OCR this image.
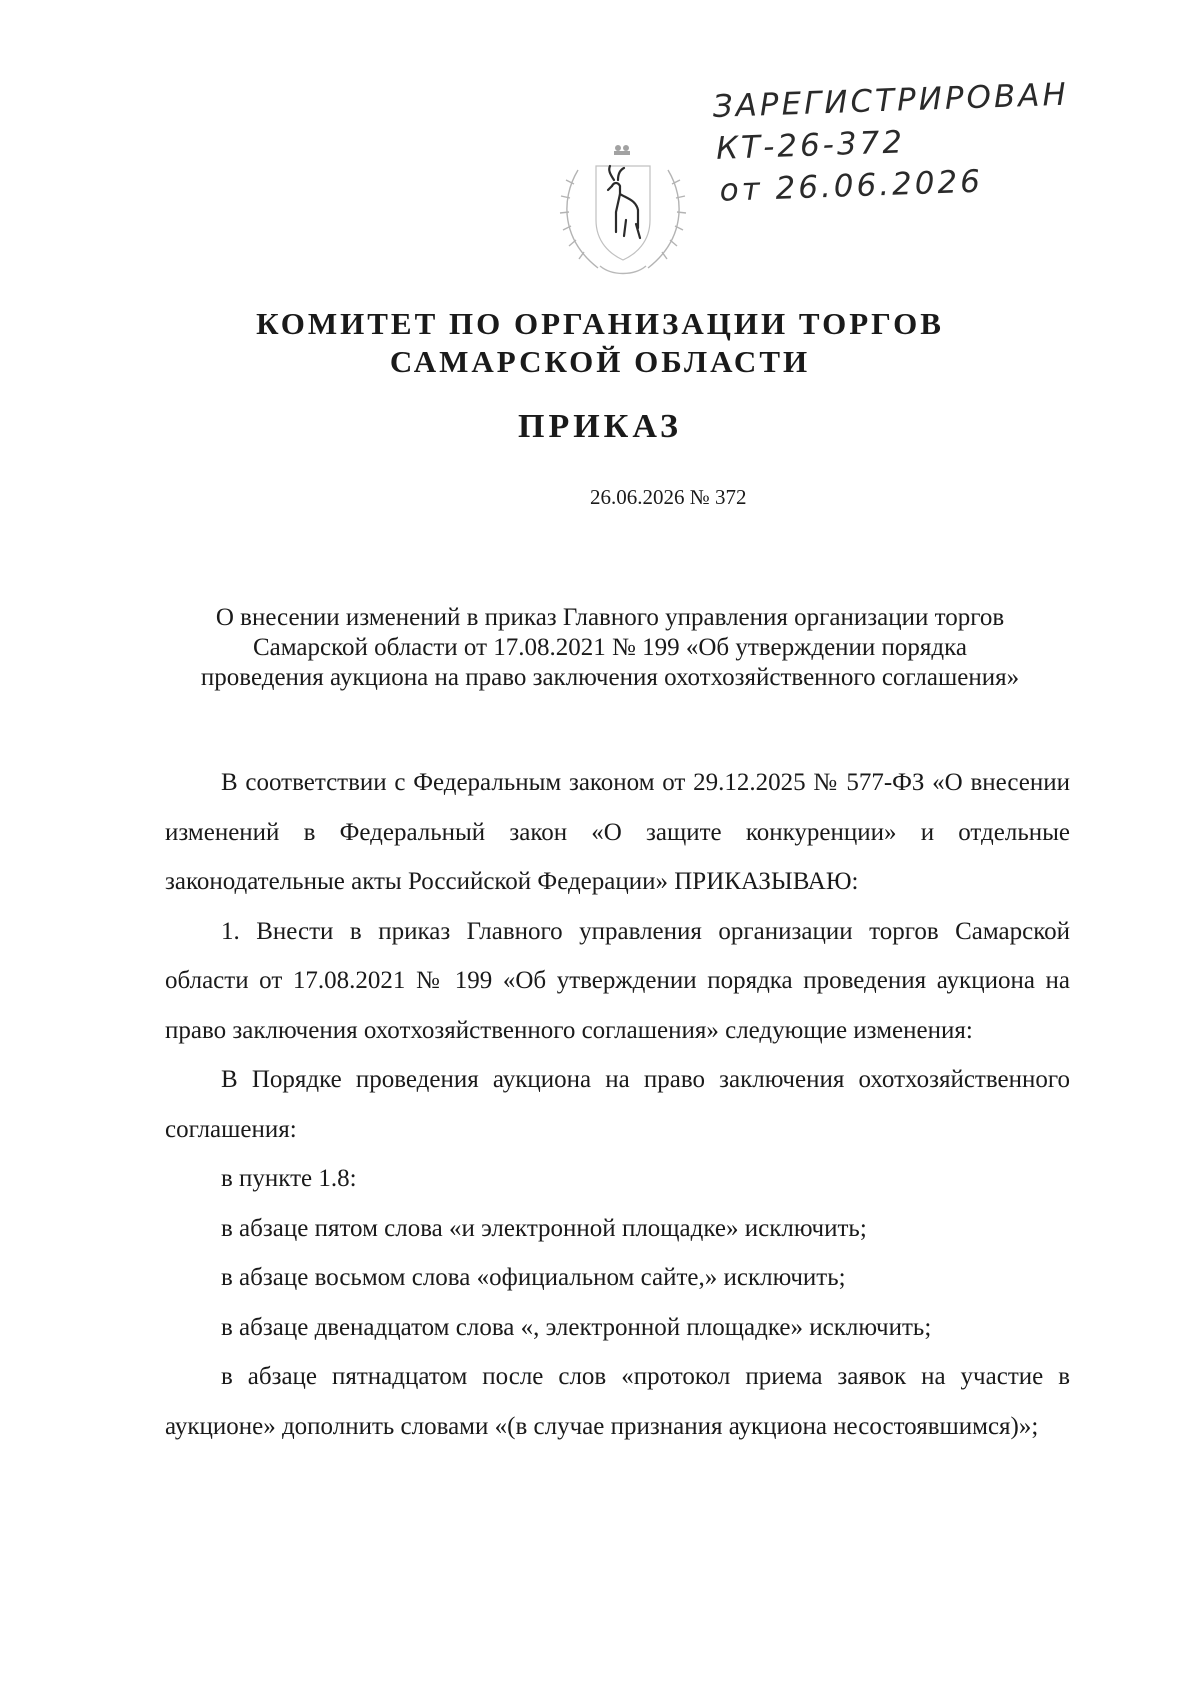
ЗАРЕГИСТРИРОВАН
КТ-26-372
от 26.06.2026
КОМИТЕТ ПО ОРГАНИЗАЦИИ ТОРГОВ
САМАРСКОЙ ОБЛАСТИ
ПРИКАЗ
26.06.2026 № 372
О внесении изменений в приказ Главного управления организации торгов
Самарской области от 17.08.2021 № 199 «Об утверждении порядка
проведения аукциона на право заключения охотхозяйственного соглашения»

В соответствии с Федеральным законом от 29.12.2025 № 577-ФЗ «О внесении изменений в Федеральный закон «О защите конкуренции» и отдельные законодательные акты Российской Федерации» ПРИКАЗЫВАЮ:

1. Внести в приказ Главного управления организации торгов Самарской области от 17.08.2021 № 199 «Об утверждении порядка проведения аукциона на право заключения охотхозяйственного соглашения» следующие изменения:

В Порядке проведения аукциона на право заключения охотхозяйственного соглашения:

в пункте 1.8:

в абзаце пятом слова «и электронной площадке» исключить;

в абзаце восьмом слова «официальном сайте,» исключить;

в абзаце двенадцатом слова «, электронной площадке» исключить;

в абзаце пятнадцатом после слов «протокол приема заявок на участие в аукционе» дополнить словами «(в случае признания аукциона несостоявшимся)»;
